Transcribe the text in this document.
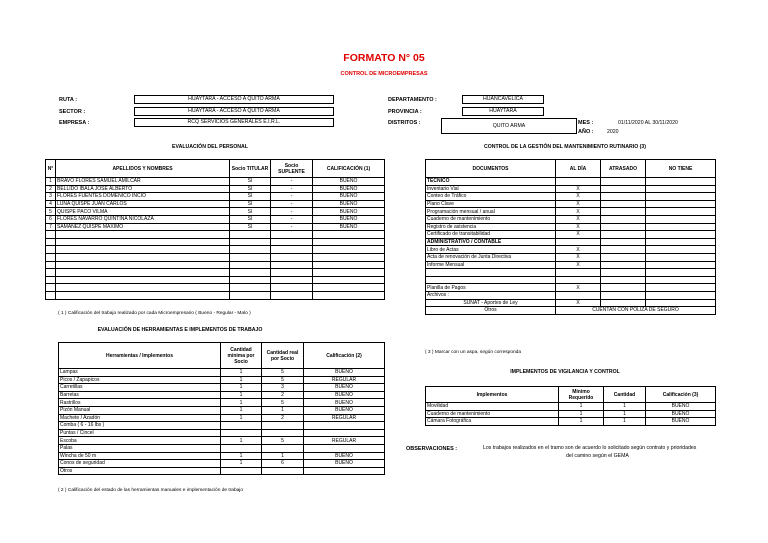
FORMATO N° 05
CONTROL DE MICROEMPRESAS
RUTA :	HUAYTARA - ACCESO A QUITO ARMA
SECTOR :	HUAYTARA - ACCESO A QUITO ARMA
EMPRESA :	RCQ SERVICIOS GENERALES E.I.R.L.
DEPARTAMENTO :	HUANCAVELICA
PROVINCIA :	HUAYTARA
DISTRITOS :	QUITO ARMA	MES :	01/11/2020 AL 30/11/2020
AÑO :	2020
EVALUACIÓN DEL PERSONAL	CONTROL DE LA GESTIÓN DEL MANTENIMIENTO RUTINARIO (3)
N°	APELLIDOS Y NOMBRES	Socio TITULAR	Socio SUPLENTE	CALIFICACIÓN (1)
1	BRAVO FLORES SAMUEL AMILCAR	SI	-	BUENO
2	BELLIDO IBALA JOSE ALBERTO	SI	-	BUENO
3	FLORES FUENTES DOMENICO INCIO	SI	-	BUENO
4	LUNA QUISPE JUAN CARLOS	SI	-	BUENO
5	QUISPE PACO VILMA	SI	-	BUENO
6	FLORES NAVARRO QUINTINA NICOLAZA	SI	-	BUENO
7	SAMANEZ QUISPE MAXIMO	SI	-	BUENO

( 1 ) Calificación del trabajo realizado por cada Microempresario ( Bueno - Regular - Malo )
DOCUMENTOS	AL DÍA	ATRASADO	NO TIENE
TÉCNICO			
Inventario Vial	X		
Conteo de Tráfico	X		
Plano Clave	X		
Programación mensual / anual	X		
Cuaderno de mantenimiento	X		
Registro de asistencia	X		
Certificado de transitabilidad	X		
ADMINISTRATIVO / CONTABLE			
Libro de Actas	X		
Acta de renovación de Junta Directiva	X		
Informe Mensual	X		

Planilla de Pagos	X		
Archivos :			
SUNAT - Aportes de Ley	X		
Otros	CUENTAN CON POLIZA DE SEGURO		
EVALUACIÓN DE HERRAMIENTAS E IMPLEMENTOS DE TRABAJO
Herramientas / Implementos	Cantidad mínima por Socio	Cantidad real por Socio	Calificación (2)
Lampas	1	5	BUENO
Picos / Zapapicos	1	5	REGULAR
Carretillas	1	3	BUENO
Barretas	1	2	BUENO
Rastrillos	1	5	BUENO
Pizón Manual	1	1	BUENO
Machete / Azadón	1	2	REGULAR
Comba ( 6 - 16 lbs )			
Puntas / Cincel			
Escoba	1	5	REGULAR
Palas			
Wincha de 50 m	1	1	BUENO
Conos de seguridad	1	6	BUENO
Otros			
( 2 ) Calificación del estado de las herramientas manuales e implementación de trabajo
( 3 ) Marcar con un aspa, según corresponda
IMPLEMENTOS DE VIGILANCIA Y CONTROL
Implementos	Mínimo Requerido	Cantidad	Calificación (3)
Movilidad	1	1	BUENO
Cuaderno de mantenimiento	1	1	BUENO
Cámara Fotográfica	1	1	BUENO
OBSERVACIONES :	Los trabajos realizados en el tramo son de acuerdo lo solicitado según contrato y prioridades
del camino según el GEMA
